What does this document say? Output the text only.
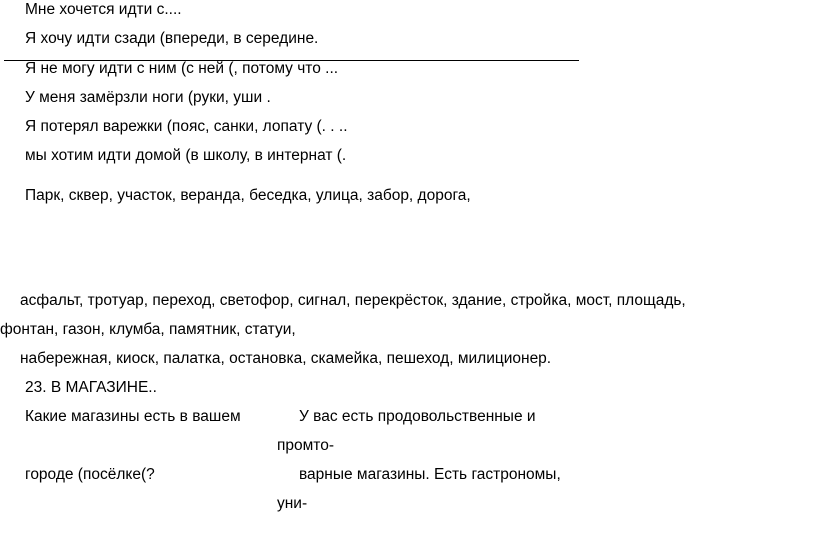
Мне хочется идти с....
Я хочу идти сзади (впереди, в середине.
Я не могу идти с ним (с ней (, потому что ...
У меня замёрзли ноги (руки, уши .
Я потерял варежки (пояс, санки, лопату (. . ..
мы хотим идти домой (в школу, в интернат (.
Парк, сквер, участок, веранда, беседка, улица, забор, дорога,
асфальт, тротуар, переход, светофор, сигнал, перекрёсток, здание, стройка, мост, площадь,
фонтан, газон, клумба, памятник, статуи,
набережная, киоск, палатка, остановка, скамейка, пешеход, милиционер.
23. В МАГАЗИНЕ..
Какие магазины есть в вашем	У вас есть продовольственные и
промто-
городе (посёлке(?	варные магазины. Есть гастрономы,
уни-
